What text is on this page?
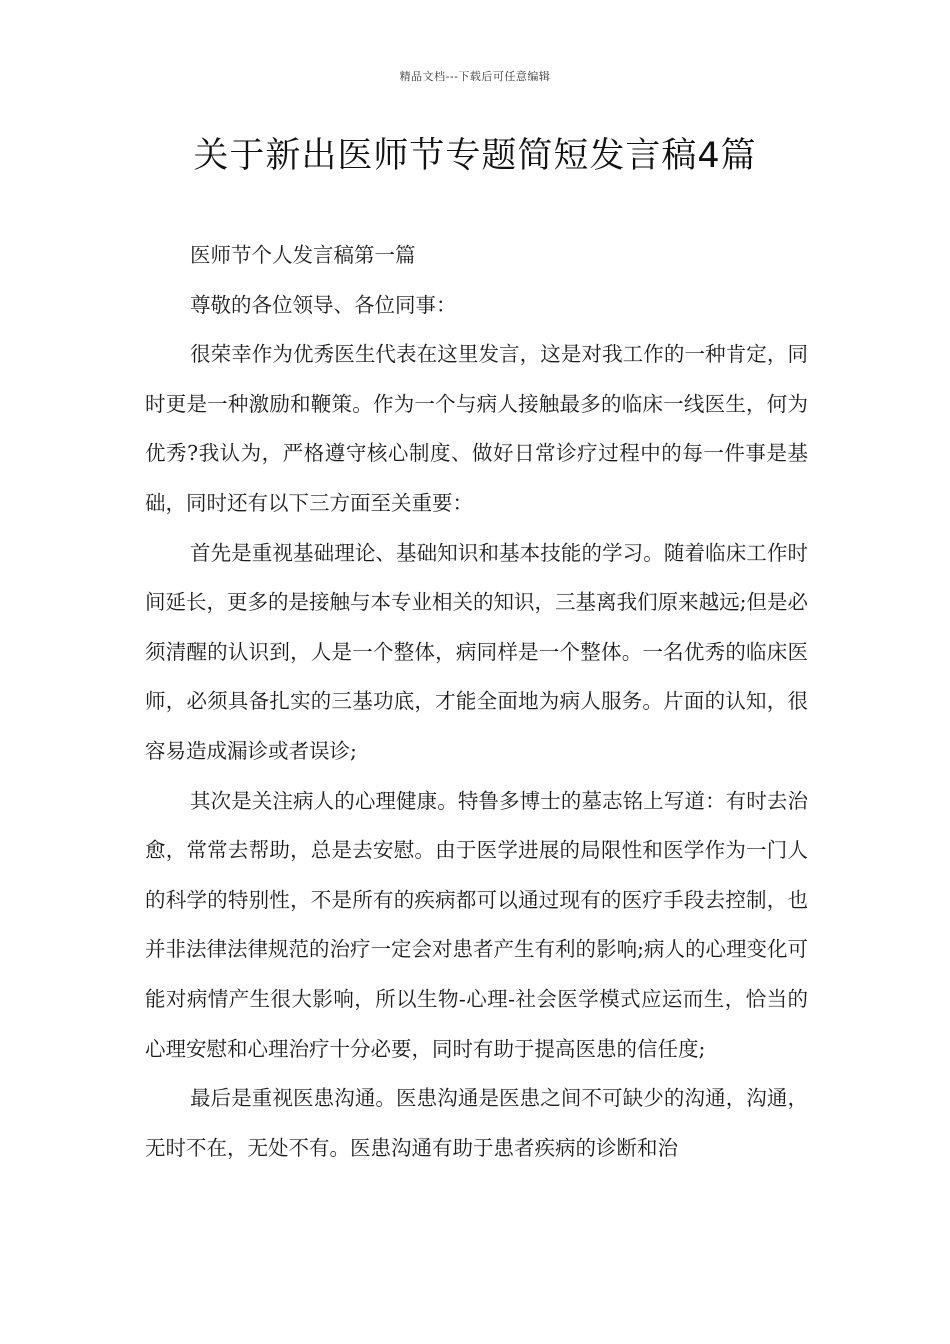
精品文档---下载后可任意编辑
关于新出医师节专题简短发言稿4篇

医师节个人发言稿第一篇

尊敬的各位领导、各位同事：

很荣幸作为优秀医生代表在这里发言，这是对我工作的一种肯定，同时更是一种激励和鞭策。作为一个与病人接触最多的临床一线医生，何为优秀?我认为，严格遵守核心制度、做好日常诊疗过程中的每一件事是基础，同时还有以下三方面至关重要：

首先是重视基础理论、基础知识和基本技能的学习。随着临床工作时间延长，更多的是接触与本专业相关的知识，三基离我们原来越远;但是必须清醒的认识到，人是一个整体，病同样是一个整体。一名优秀的临床医师，必须具备扎实的三基功底，才能全面地为病人服务。片面的认知，很容易造成漏诊或者误诊;

其次是关注病人的心理健康。特鲁多博士的墓志铭上写道：有时去治愈，常常去帮助，总是去安慰。由于医学进展的局限性和医学作为一门人的科学的特别性，不是所有的疾病都可以通过现有的医疗手段去控制，也并非法律法律规范的治疗一定会对患者产生有利的影响;病人的心理变化可能对病情产生很大影响，所以生物-心理-社会医学模式应运而生，恰当的心理安慰和心理治疗十分必要，同时有助于提高医患的信任度;

最后是重视医患沟通。医患沟通是医患之间不可缺少的沟通，沟通，无时不在，无处不有。医患沟通有助于患者疾病的诊断和治
